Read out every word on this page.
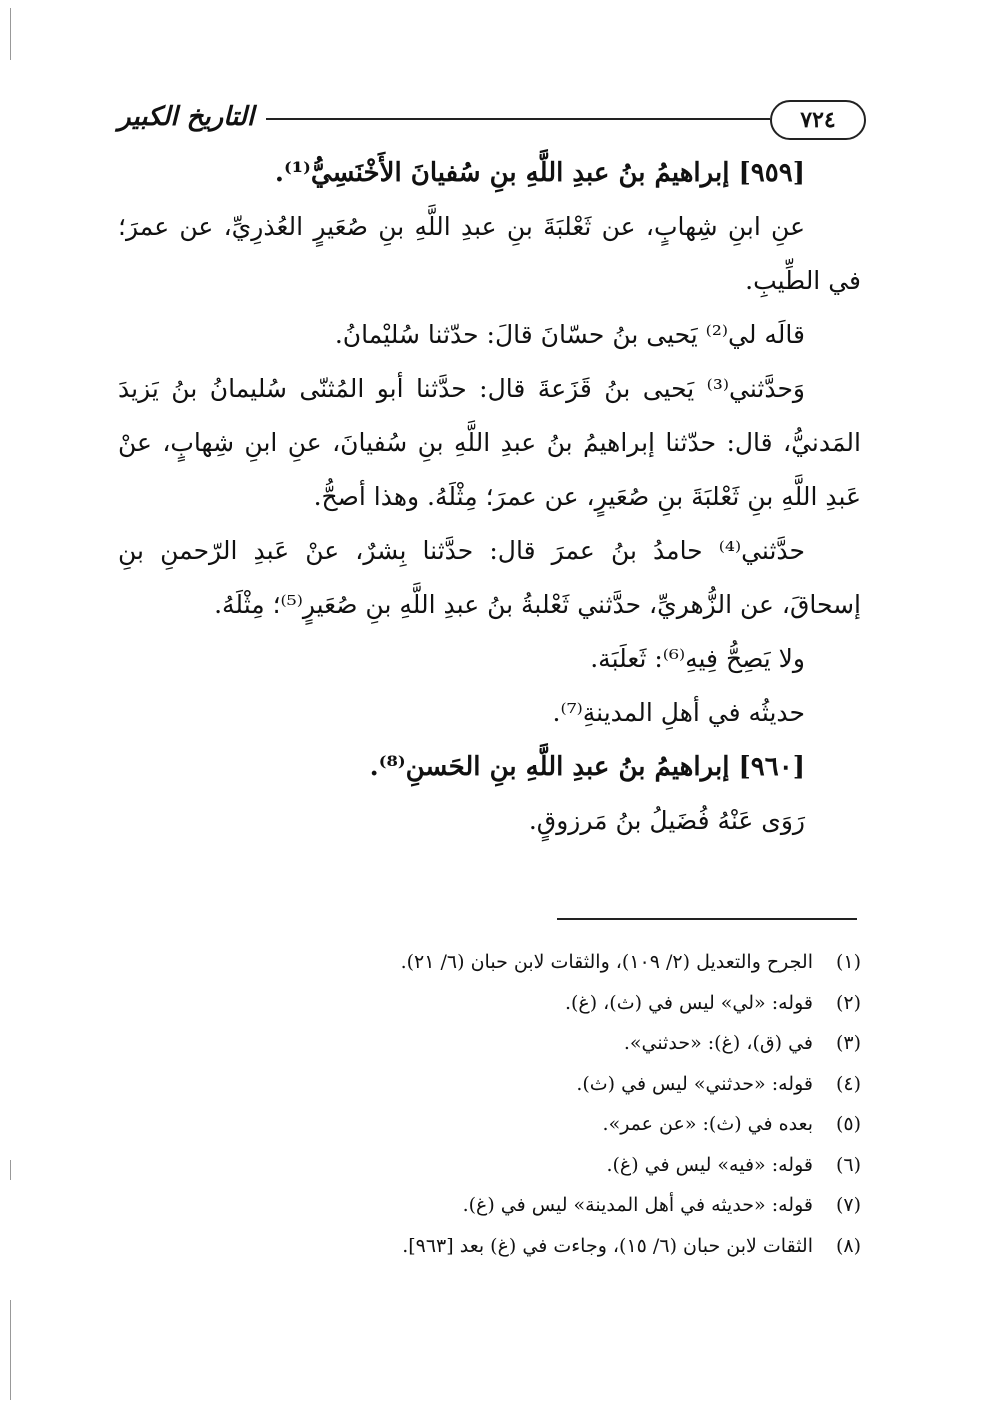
٧٢٤
التاريخ الكبير

[٩٥٩] إبراهيمُ بنُ عبدِ اللَّهِ بنِ سُفيانَ الأَخْنَسِيُّ⁽¹⁾.

عنِ ابنِ شِهابٍ، عن ثَعْلبَةَ بنِ عبدِ اللَّهِ بنِ صُعَيرٍ العُذرِيِّ، عن عمرَ؛ في الطِّيبِ.

قالَه لي⁽²⁾ يَحيى بنُ حسّانَ قالَ: حدّثنا سُليْمانُ.

وَحدَّثني⁽³⁾ يَحيى بنُ قَزَعةَ قال: حدَّثنا أبو المُثنّى سُليمانُ بنُ يَزيدَ المَدنيُّ، قال: حدّثنا إبراهيمُ بنُ عبدِ اللَّهِ بنِ سُفيانَ، عنِ ابنِ شِهابٍ، عنْ عَبدِ اللَّهِ بنِ ثَعْلبَةَ بنِ صُعَيرٍ، عن عمرَ؛ مِثْلَهُ. وهذا أصحُّ.

حدَّثني⁽⁴⁾ حامدُ بنُ عمرَ قال: حدَّثنا بِشرٌ، عنْ عَبدِ الرّحمنِ بنِ إسحاقَ، عن الزُّهريِّ، حدَّثني ثَعْلبةُ بنُ عبدِ اللَّهِ بنِ صُعَيرٍ⁽⁵⁾؛ مِثْلَهُ.

ولا يَصِحُّ فِيهِ⁽⁶⁾: ثَعلَبَة.

حديثُه في أهلِ المدينةِ⁽⁷⁾.

[٩٦٠] إبراهيمُ بنُ عبدِ اللَّهِ بنِ الحَسنِ⁽⁸⁾.

رَوَى عَنْهُ فُضَيلُ بنُ مَرزوقٍ.

(١)
الجرح والتعديل (٢/ ١٠٩)، والثقات لابن حبان (٦/ ٢١).
(٢)
قوله: «لي» ليس في (ث)، (غ).
(٣)
في (ق)، (غ): «حدثني».
(٤)
قوله: «حدثني» ليس في (ث).
(٥)
بعده في (ث): «عن عمر».
(٦)
قوله: «فيه» ليس في (غ).
(٧)
قوله: «حديثه في أهل المدينة» ليس في (غ).
(٨)
الثقات لابن حبان (٦/ ١٥)، وجاءت في (غ) بعد [٩٦٣].
